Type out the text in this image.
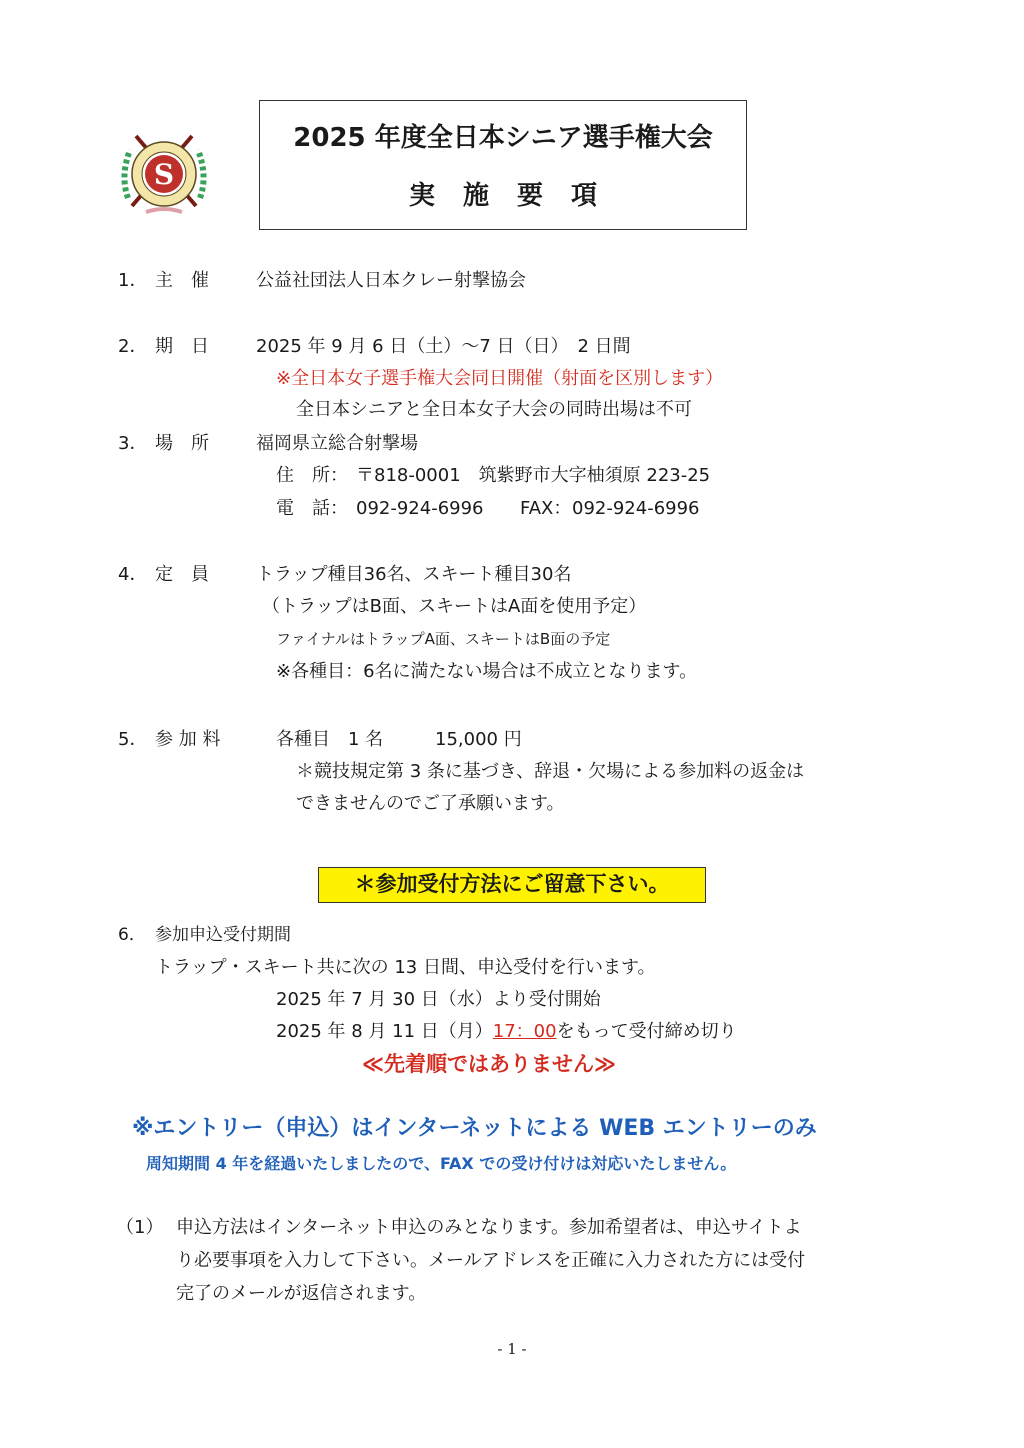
S
2025 年度全日本シニア選手権大会
実施要項
1． 主　催	公益社団法人日本クレー射撃協会
2． 期　日	2025 年 9 月 6 日（土）～7 日（日）　2 日間
※全日本女子選手権大会同日開催（射面を区別します）
全日本シニアと全日本女子大会の同時出場は不可
3． 場　所	福岡県立総合射撃場
住　所： 〒818-0001　筑紫野市大字柚須原 223-25
電　話： 092-924-6996 FAX： 092-924-6996
4． 定　員	トラップ種目36名、スキート種目30名
（トラップはB面、スキートはA面を使用予定）
ファイナルはトラップA面、スキートはB面の予定
※各種目：6名に満たない場合は不成立となります。
5． 参 加 料	各種目　1 名	15,000 円
＊競技規定第 3 条に基づき、辞退・欠場による参加料の返金は
できませんのでご了承願います。
＊参加受付方法にご留意下さい。
6． 参加申込受付期間
トラップ・スキート共に次の 13 日間、申込受付を行います。
2025 年 7 月 30 日（水）より受付開始
2025 年 8 月 11 日（月）17：00をもって受付締め切り
≪先着順ではありません≫
※エントリー（申込）はインターネットによる WEB エントリーのみ
周知期間 4 年を経過いたしましたので、FAX での受け付けは対応いたしません。
（1） 申込方法はインターネット申込のみとなります。参加希望者は、申込サイトよ
り必要事項を入力して下さい。メールアドレスを正確に入力された方には受付
完了のメールが返信されます。
- 1 -
